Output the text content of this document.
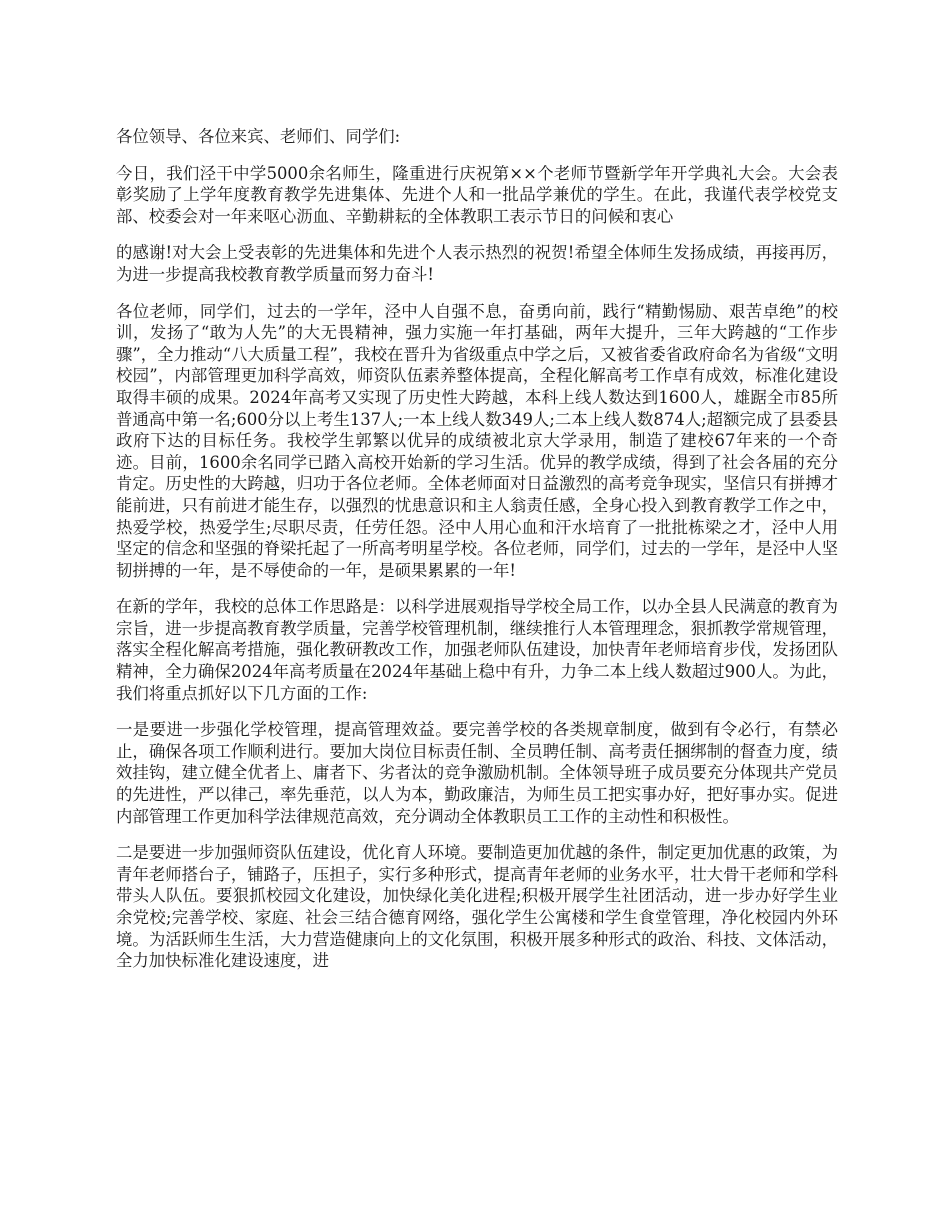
各位领导、各位来宾、老师们、同学们:

今日，我们泾干中学5000余名师生，隆重进行庆祝第××个老师节暨新学年开学典礼大会。大会表彰奖励了上学年度教育教学先进集体、先进个人和一批品学兼优的学生。在此，我谨代表学校党支部、校委会对一年来呕心沥血、辛勤耕耘的全体教职工表示节日的问候和衷心

的感谢!对大会上受表彰的先进集体和先进个人表示热烈的祝贺!希望全体师生发扬成绩，再接再厉，为进一步提高我校教育教学质量而努力奋斗!

各位老师，同学们，过去的一学年，泾中人自强不息，奋勇向前，践行“精勤惕励、艰苦卓绝”的校训，发扬了“敢为人先”的大无畏精神，强力实施一年打基础，两年大提升，三年大跨越的“工作步骤”，全力推动“八大质量工程”，我校在晋升为省级重点中学之后，又被省委省政府命名为省级“文明校园”，内部管理更加科学高效，师资队伍素养整体提高，全程化解高考工作卓有成效，标准化建设取得丰硕的成果。2024年高考又实现了历史性大跨越，本科上线人数达到1600人，雄踞全市85所普通高中第一名;600分以上考生137人;一本上线人数349人;二本上线人数874人;超额完成了县委县政府下达的目标任务。我校学生郭繁以优异的成绩被北京大学录用，制造了建校67年来的一个奇迹。目前，1600余名同学已踏入高校开始新的学习生活。优异的教学成绩，得到了社会各届的充分肯定。历史性的大跨越，归功于各位老师。全体老师面对日益激烈的高考竞争现实，坚信只有拼搏才能前进，只有前进才能生存，以强烈的忧患意识和主人翁责任感，全身心投入到教育教学工作之中，热爱学校，热爱学生;尽职尽责，任劳任怨。泾中人用心血和汗水培育了一批批栋梁之才，泾中人用坚定的信念和坚强的脊梁托起了一所高考明星学校。各位老师，同学们，过去的一学年，是泾中人坚韧拼搏的一年，是不辱使命的一年，是硕果累累的一年!

在新的学年，我校的总体工作思路是：以科学进展观指导学校全局工作，以办全县人民满意的教育为宗旨，进一步提高教育教学质量，完善学校管理机制，继续推行人本管理理念，狠抓教学常规管理，落实全程化解高考措施，强化教研教改工作，加强老师队伍建设，加快青年老师培育步伐，发扬团队精神，全力确保2024年高考质量在2024年基础上稳中有升，力争二本上线人数超过900人。为此，我们将重点抓好以下几方面的工作:

一是要进一步强化学校管理，提高管理效益。要完善学校的各类规章制度，做到有令必行，有禁必止，确保各项工作顺利进行。要加大岗位目标责任制、全员聘任制、高考责任捆绑制的督查力度，绩效挂钩，建立健全优者上、庸者下、劣者汰的竞争激励机制。全体领导班子成员要充分体现共产党员的先进性，严以律己，率先垂范，以人为本，勤政廉洁，为师生员工把实事办好，把好事办实。促进内部管理工作更加科学法律规范高效，充分调动全体教职员工工作的主动性和积极性。

二是要进一步加强师资队伍建设，优化育人环境。要制造更加优越的条件，制定更加优惠的政策，为青年老师搭台子，铺路子，压担子，实行多种形式，提高青年老师的业务水平，壮大骨干老师和学科带头人队伍。要狠抓校园文化建设，加快绿化美化进程;积极开展学生社团活动，进一步办好学生业余党校;完善学校、家庭、社会三结合德育网络，强化学生公寓楼和学生食堂管理，净化校园内外环境。为活跃师生生活，大力营造健康向上的文化氛围，积极开展多种形式的政治、科技、文体活动，全力加快标准化建设速度，进
